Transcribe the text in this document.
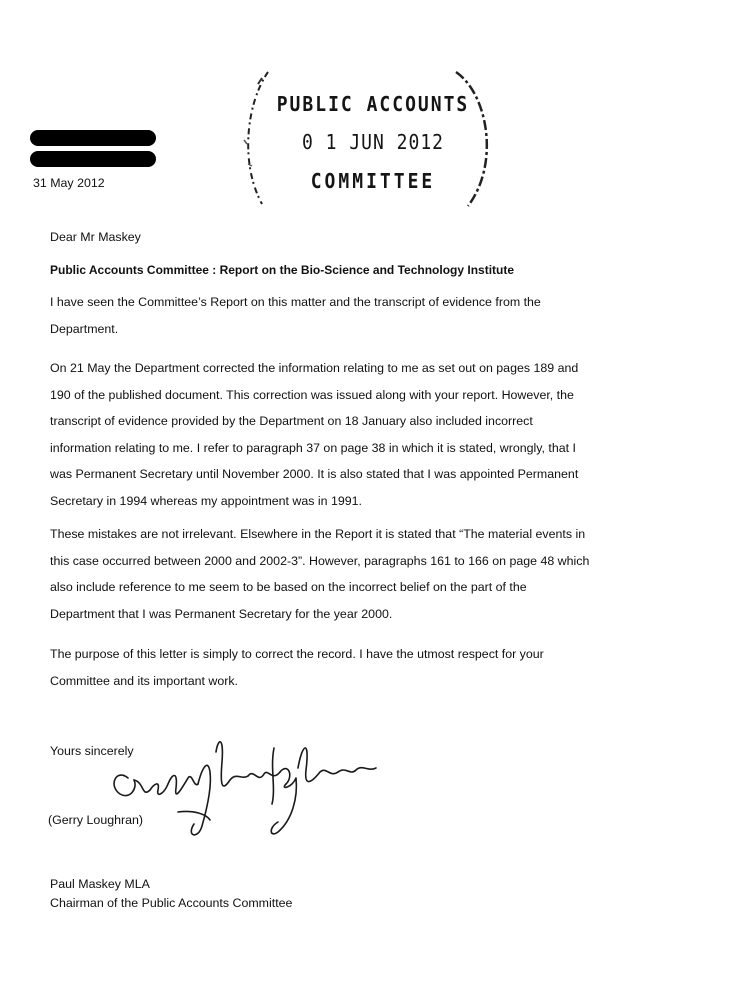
PUBLIC ACCOUNTS
0 1 JUN 2012
COMMITTEE
31 May 2012
Dear Mr Maskey
Public Accounts Committee : Report on the Bio-Science and Technology Institute
I have seen the Committee’s Report on this matter and the transcript of evidence from the
Department.
On 21 May the Department corrected the information relating to me as set out on pages 189 and
190 of the published document. This correction was issued along with your report. However, the
transcript of evidence provided by the Department on 18 January also included incorrect
information relating to me. I refer to paragraph 37 on page 38 in which it is stated, wrongly, that I
was Permanent Secretary until November 2000. It is also stated that I was appointed Permanent
Secretary in 1994 whereas my appointment was in 1991.
These mistakes are not irrelevant. Elsewhere in the Report it is stated that “The material events in
this case occurred between 2000 and 2002-3”. However, paragraphs 161 to 166 on page 48 which
also include reference to me seem to be based on the incorrect belief on the part of the
Department that I was Permanent Secretary for the year 2000.
The purpose of this letter is simply to correct the record. I have the utmost respect for your
Committee and its important work.
Yours sincerely
(Gerry Loughran)
Paul Maskey MLA
Chairman of the Public Accounts Committee
